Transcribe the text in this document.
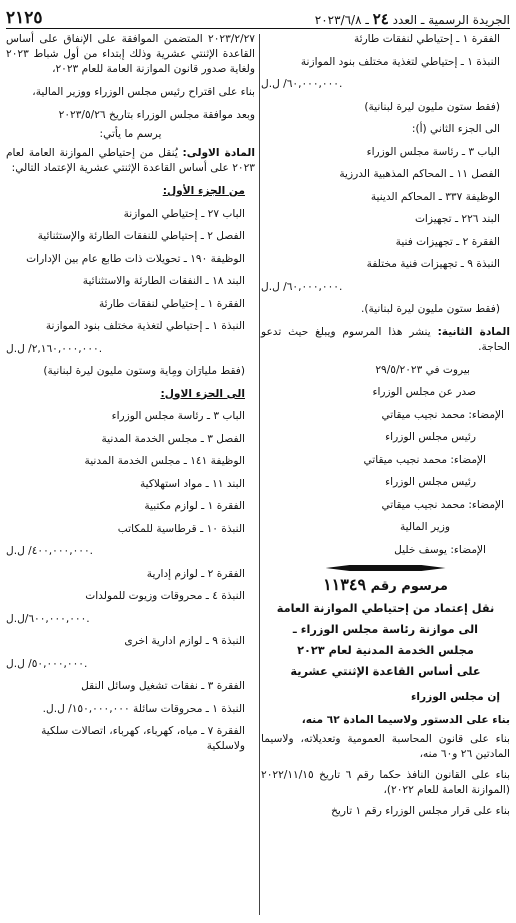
الجريدة الرسمية ـ العدد ٢٤ ـ ٢٠٢٣/٦/٨
٢١٢٥
الفقرة ١ ـ إحتياطي لنفقات طارئة
النبذة ١ ـ إحتياطي لتغذية مختلف بنود الموازنة
٦٠,٠٠٠,٠٠٠/ ل.ل.
(فقط ستون مليون ليرة لبنانية)
الى الجزء الثاني (أ):
الباب ٣ ـ رئاسة مجلس الوزراء
الفصل ١١ ـ المحاكم المذهبية الدرزية
الوظيفة ٣٣٧ ـ المحاكم الدينية
البند ٢٢٦ ـ تجهيزات
الفقرة ٢ ـ تجهيزات فنية
النبذة ٩ ـ تجهيزات فنية مختلفة
٦٠,٠٠٠,٠٠٠/ ل.ل.
(فقط ستون مليون ليرة لبنانية).

المادة الثانية: ينشر هذا المرسوم ويبلغ حيث تدعو الحاجة.

بيروت في ٢٩/٥/٢٠٢٣
صدر عن مجلس الوزراء
الإمضاء: محمد نجيب ميقاتي
رئيس مجلس الوزراء
الإمضاء: محمد نجيب ميقاتي
رئيس مجلس الوزراء
الإمضاء: محمد نجيب ميقاتي
وزير المالية
الإمضاء: يوسف خليل
مرسوم رقم ١١٣٤٩
نقل إعتماد من إحتياطي الموازنة العامة
الى موازنة رئاسة مجلس الوزراء ـ
مجلس الخدمة المدنية لعام ٢٠٢٣
على أساس القاعدة الإثنتي عشرية
إن مجلس الوزراء

بناء على الدستور ولاسيما المادة ٦٢ منه،

بناء على قانون المحاسبة العمومية وتعديلاته، ولاسيما المادتين ٢٦ و٦٠ منه،

بناء على القانون النافذ حكما رقم ٦ تاريخ ٢٠٢٢/١١/١٥ (الموازنة العامة للعام ٢٠٢٢)،

بناء على قرار مجلس الوزراء رقم ١ تاريخ

٢٠٢٣/٢/٢٧ المتضمن الموافقة على الإنفاق على أساس القاعدة الإثنتي عشرية وذلك إبتداء من أول شباط ٢٠٢٣ ولغاية صدور قانون الموازنة العامة للعام ٢٠٢٣،

بناء على اقتراح رئيس مجلس الوزراء ووزير المالية،

وبعد موافقة مجلس الوزراء بتاريخ ٢٠٢٣/٥/٢٦

يرسم ما يأتي:

المادة الاولى: يُنقل من إحتياطي الموازنة العامة لعام ٢٠٢٣ على أساس القاعدة الإثنتي عشرية الإعتماد التالي:

من الجزء الأول:
الباب ٢٧ ـ إحتياطي الموازنة
الفصل ٢ ـ إحتياطي للنفقات الطارئة والإستثنائية
الوظيفة ١٩٠ ـ تحويلات ذات طابع عام بين الإدارات
البند ١٨ ـ النفقات الطارئة والاستثنائية
الفقرة ١ ـ إحتياطي لنفقات طارئة
النبذة ١ ـ إحتياطي لتغذية مختلف بنود الموازنة
٢,١٦٠,٠٠٠,٠٠٠/ ل.ل.
(فقط مليارَان ومِاية وستون مليون ليرة لبنانية)
الى الجزء الاول:
الباب ٣ ـ رئاسة مجلس الوزراء
الفصل ٣ ـ مجلس الخدمة المدنية
الوظيفة ١٤١ ـ مجلس الخدمة المدنية
البند ١١ ـ مواد استهلاكية
الفقرة ١ ـ لوازم مكتبية
النبذة ١٠ ـ قرطاسية للمكاتب
٤٠٠,٠٠٠,٠٠٠/ ل.ل.
الفقرة ٢ ـ لوازم إدارية
النبذة ٤ ـ محروقات وزيوت للمولدات
٦٠٠,٠٠٠,٠٠٠/ل.ل.
النبذة ٩ ـ لوازم ادارية اخرى
٥٠,٠٠٠,٠٠٠/ ل.ل.
الفقرة ٣ ـ نفقات تشغيل وسائل النقل
النبذة ١ ـ محروقات سائلة ١٥٠,٠٠٠,٠٠٠/ ل.ل.
الفقرة ٧ ـ مياه، كهرباء، كهرباء، اتصالات سلكية ولاسلكية
